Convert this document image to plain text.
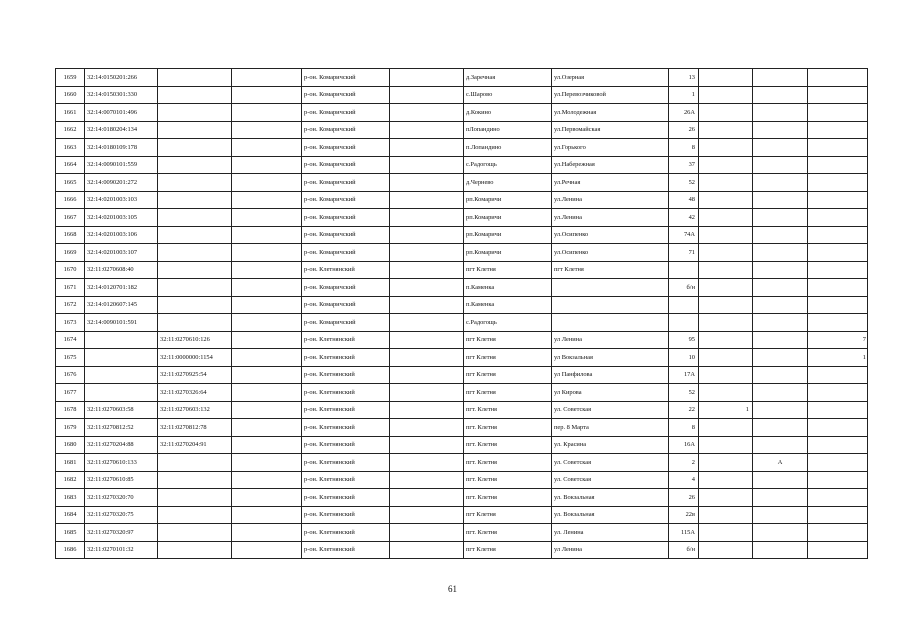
1659	32:14:0150201:266			р-он. Комаричский		д.Заречная	ул.Озерная	13			
1660	32:14:0150301:330			р-он. Комаричский		с.Шарово	ул.Перевозчиковой	1			
1661	32:14:0070101:496			р-он. Комаричский		д.Кокино	ул.Молодежная	26А			
1662	32:14:0180204:134			р-он. Комаричский		пЛопандино	ул.Первомайская	26			
1663	32:14:0180109:178			р-он. Комаричский		п.Лопандино	ул.Горького	8			
1664	32:14:0090101:559			р-он. Комаричский		с.Радогощь	ул.Набережная	37			
1665	32:14:0090201:272			р-он. Комаричский		д.Черневo	ул.Речная	52			
1666	32:14:0201003:103			р-он. Комаричский		рп.Комаричи	ул.Ленина	48			
1667	32:14:0201003:105			р-он. Комаричский		рп.Комаричи	ул.Ленина	42			
1668	32:14:0201003:106			р-он. Комаричский		рп.Комаричи	ул.Осипенко	74А			
1669	32:14:0201003:107			р-он. Комаричский		рп.Комаричи	ул.Осипенко	71			
1670	32:11:0270608:40			р-он. Клетнянский		пгт Клетня	пгт Клетня				
1671	32:14:0120701:182			р-он. Комаричский		п.Каменка		б/н			
1672	32:14:0120607:145			р-он. Комаричский		п.Каменка					
1673	32:14:0090101:591			р-он. Комаричский		с.Радогощь					
1674		32:11:0270610:126		р-он. Клетнянский		пгт Клетня	ул Ленина	95			7
1675		32:11:0000000:1154		р-он. Клетнянский		пгт Клетня	ул Вокзальная	10			1
1676		32:11:0270925:54		р-он. Клетнянский		пгт Клетня	ул Панфилова	17А			
1677		32:11:0270326:64		р-он. Клетнянский		пгт Клетня	ул Кирова	52			
1678	32:11:0270603:58	32:11:0270603:132		р-он. Клетнянский		пгт. Клетня	ул. Советская	22	1		
1679	32:11:0270812:52	32:11:0270812:78		р-он. Клетнянский		пгт. Клетня	пер. 8 Марта	8			
1680	32:11:0270204:88	32:11:0270204:91		р-он. Клетнянский		пгт. Клетня	ул. Красина	16А			
1681	32:11:0270610:133			р-он. Клетнянский		пгт. Клетня	ул. Советская	2		А	
1682	32:11:0270610:85			р-он. Клетнянский		пгт. Клетня	ул. Советская	4			
1683	32:11:0270320:70			р-он. Клетнянский		пгт. Клетня	ул. Вокзальная	26			
1684	32:11:0270320:75			р-он. Клетнянский		пгт Клетня	ул. Вокзальная	22в			
1685	32:11:0270320:97			р-он. Клетнянский		пгт. Клетня	ул. Ленина	115А			
1686	32:11:0270101:32			р-он. Клетнянский		пгт Клетня	ул Ленина	б/н			
61
